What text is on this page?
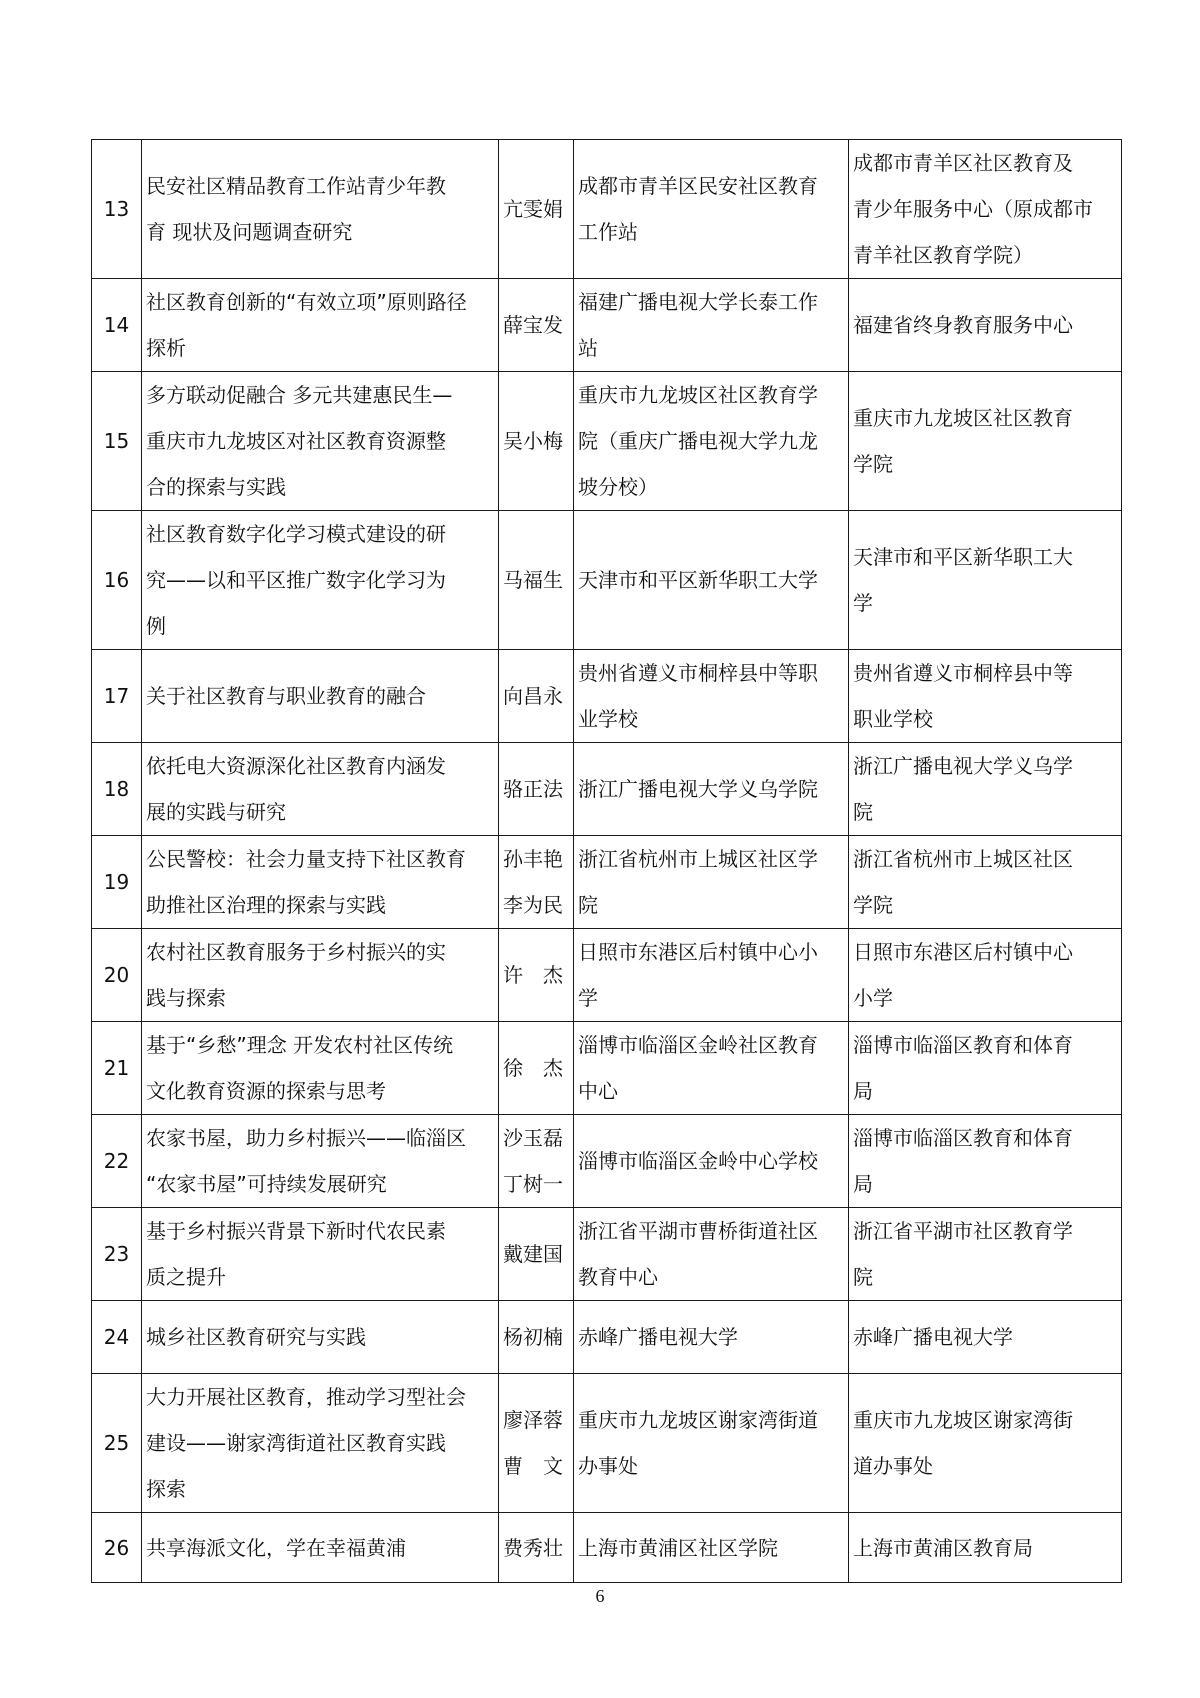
13	民安社区精品教育工作站青少年教
育 现状及问题调查研究	亢雯娟	成都市青羊区民安社区教育
工作站	成都市青羊区社区教育及
青少年服务中心（原成都市
青羊社区教育学院）

14	社区教育创新的“有效立项”原则路径
探析	薛宝发	福建广播电视大学长泰工作
站	福建省终身教育服务中心

15	多方联动促融合 多元共建惠民生—
重庆市九龙坡区对社区教育资源整
合的探索与实践	吴小梅	重庆市九龙坡区社区教育学
院（重庆广播电视大学九龙
坡分校）	重庆市九龙坡区社区教育
学院

16	社区教育数字化学习模式建设的研
究——以和平区推广数字化学习为
例	马福生	天津市和平区新华职工大学	天津市和平区新华职工大
学

17	关于社区教育与职业教育的融合	向昌永	贵州省遵义市桐梓县中等职
业学校	贵州省遵义市桐梓县中等
职业学校

18	依托电大资源深化社区教育内涵发
展的实践与研究	骆正法	浙江广播电视大学义乌学院	浙江广播电视大学义乌学
院

19	公民警校：社会力量支持下社区教育
助推社区治理的探索与实践	孙丰艳
李为民	浙江省杭州市上城区社区学
院	浙江省杭州市上城区社区
学院

20	农村社区教育服务于乡村振兴的实
践与探索	许　杰	日照市东港区后村镇中心小
学	日照市东港区后村镇中心
小学

21	基于“乡愁”理念 开发农村社区传统
文化教育资源的探索与思考	徐　杰	淄博市临淄区金岭社区教育
中心	淄博市临淄区教育和体育
局

22	农家书屋，助力乡村振兴——临淄区
“农家书屋”可持续发展研究	沙玉磊
丁树一	淄博市临淄区金岭中心学校	淄博市临淄区教育和体育
局

23	基于乡村振兴背景下新时代农民素
质之提升	戴建国	浙江省平湖市曹桥街道社区
教育中心	浙江省平湖市社区教育学
院

24	城乡社区教育研究与实践	杨初楠	赤峰广播电视大学	赤峰广播电视大学

25	大力开展社区教育，推动学习型社会
建设——谢家湾街道社区教育实践
探索	廖泽蓉
曹　文	重庆市九龙坡区谢家湾街道
办事处	重庆市九龙坡区谢家湾街
道办事处

26	共享海派文化，学在幸福黄浦	费秀壮	上海市黄浦区社区学院	上海市黄浦区教育局
6
